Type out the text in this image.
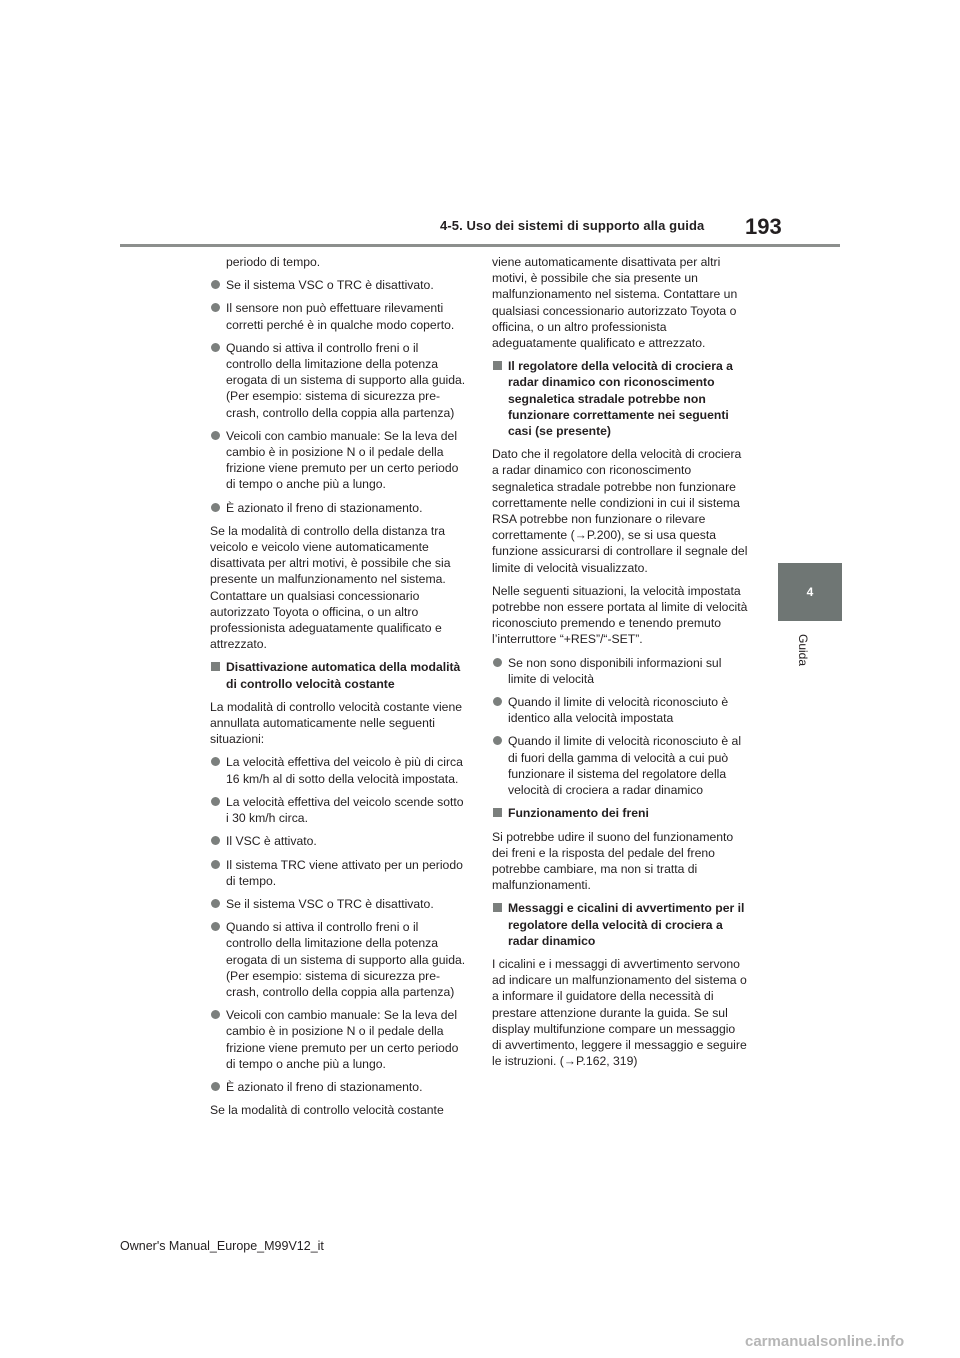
4-5. Uso dei sistemi di supporto alla guida	193
4
Guida

periodo di tempo.

Se il sistema VSC o TRC è disattivato.

Il sensore non può effettuare rilevamenti corretti perché è in qualche modo coperto.

Quando si attiva il controllo freni o il controllo della limitazione della potenza erogata di un sistema di supporto alla guida. (Per esempio: sistema di sicurezza pre-crash, controllo della coppia alla partenza)

Veicoli con cambio manuale: Se la leva del cambio è in posizione N o il pedale della frizione viene premuto per un certo periodo di tempo o anche più a lungo.

È azionato il freno di stazionamento.

Se la modalità di controllo della distanza tra veicolo e veicolo viene automaticamente disattivata per altri motivi, è possibile che sia presente un malfunzionamento nel sistema. Contattare un qualsiasi concessionario autorizzato Toyota o officina, o un altro professionista adeguatamente qualificato e attrezzato.

Disattivazione automatica della modalità di controllo velocità costante

La modalità di controllo velocità costante viene annullata automaticamente nelle seguenti situazioni:

La velocità effettiva del veicolo è più di circa 16 km/h al di sotto della velocità impostata.

La velocità effettiva del veicolo scende sotto i 30 km/h circa.

Il VSC è attivato.

Il sistema TRC viene attivato per un periodo di tempo.

Se il sistema VSC o TRC è disattivato.

Quando si attiva il controllo freni o il controllo della limitazione della potenza erogata di un sistema di supporto alla guida. (Per esempio: sistema di sicurezza pre-crash, controllo della coppia alla partenza)

Veicoli con cambio manuale: Se la leva del cambio è in posizione N o il pedale della frizione viene premuto per un certo periodo di tempo o anche più a lungo.

È azionato il freno di stazionamento.

Se la modalità di controllo velocità costante

viene automaticamente disattivata per altri motivi, è possibile che sia presente un malfunzionamento nel sistema. Contattare un qualsiasi concessionario autorizzato Toyota o officina, o un altro professionista adeguatamente qualificato e attrezzato.

Il regolatore della velocità di crociera a radar dinamico con riconoscimento segnaletica stradale potrebbe non funzionare correttamente nei seguenti casi (se presente)

Dato che il regolatore della velocità di crociera a radar dinamico con riconoscimento segnaletica stradale potrebbe non funzionare correttamente nelle condizioni in cui il sistema RSA potrebbe non funzionare o rilevare correttamente (→P.200), se si usa questa funzione assicurarsi di controllare il segnale del limite di velocità visualizzato.

Nelle seguenti situazioni, la velocità impostata potrebbe non essere portata al limite di velocità riconosciuto premendo e tenendo premuto l’interruttore “+RES”/“-SET”.

Se non sono disponibili informazioni sul limite di velocità

Quando il limite di velocità riconosciuto è identico alla velocità impostata

Quando il limite di velocità riconosciuto è al di fuori della gamma di velocità a cui può funzionare il sistema del regolatore della velocità di crociera a radar dinamico

Funzionamento dei freni

Si potrebbe udire il suono del funzionamento dei freni e la risposta del pedale del freno potrebbe cambiare, ma non si tratta di malfunzionamenti.

Messaggi e cicalini di avvertimento per il regolatore della velocità di crociera a radar dinamico

I cicalini e i messaggi di avvertimento servono ad indicare un malfunzionamento del sistema o a informare il guidatore della necessità di prestare attenzione durante la guida. Se sul display multifunzione compare un messaggio di avvertimento, leggere il messaggio e seguire le istruzioni. (→P.162, 319)

Owner's Manual_Europe_M99V12_it
carmanualsonline.info
